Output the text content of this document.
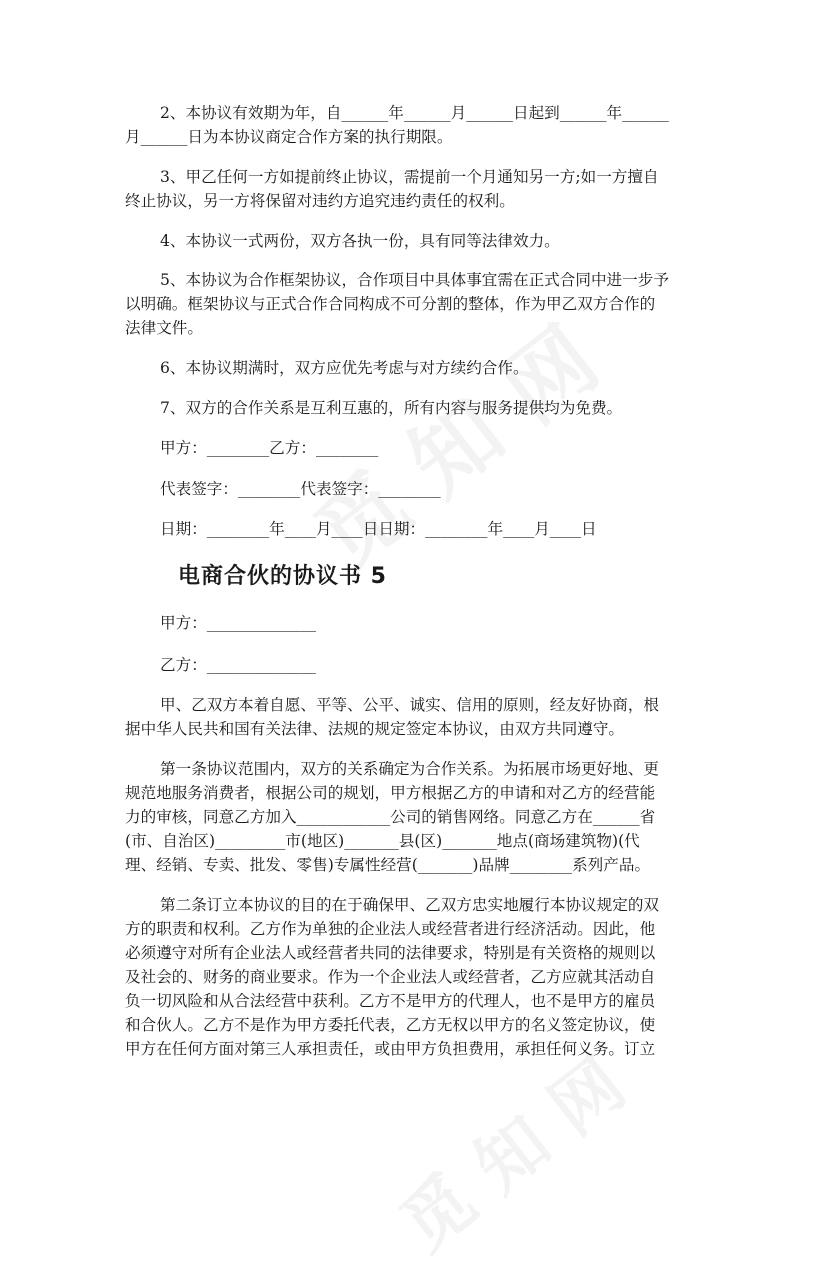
2、本协议有效期为年，自______年______月______日起到______年______
月______日为本协议商定合作方案的执行期限。
3、甲乙任何一方如提前终止协议，需提前一个月通知另一方;如一方擅自
终止协议，另一方将保留对违约方追究违约责任的权利。
4、本协议一式两份，双方各执一份，具有同等法律效力。
5、本协议为合作框架协议，合作项目中具体事宜需在正式合同中进一步予
以明确。框架协议与正式合作合同构成不可分割的整体，作为甲乙双方合作的
法律文件。
6、本协议期满时，双方应优先考虑与对方续约合作。
7、双方的合作关系是互利互惠的，所有内容与服务提供均为免费。
甲方：________乙方：________
代表签字：________代表签字：________
日期：________年____月____日日期：________年____月____日
电商合伙的协议书 5
甲方：______________
乙方：______________
甲、乙双方本着自愿、平等、公平、诚实、信用的原则，经友好协商，根
据中华人民共和国有关法律、法规的规定签定本协议，由双方共同遵守。
第一条协议范围内，双方的关系确定为合作关系。为拓展市场更好地、更
规范地服务消费者，根据公司的规划，甲方根据乙方的申请和对乙方的经营能
力的审核，同意乙方加入____________公司的销售网络。同意乙方在______省
(市、自治区)_________市(地区)_______县(区)_______地点(商场建筑物)(代
理、经销、专卖、批发、零售)专属性经营(_______)品牌________系列产品。
第二条订立本协议的目的在于确保甲、乙双方忠实地履行本协议规定的双
方的职责和权利。乙方作为单独的企业法人或经营者进行经济活动。因此，他
必须遵守对所有企业法人或经营者共同的法律要求，特别是有关资格的规则以
及社会的、财务的商业要求。作为一个企业法人或经营者，乙方应就其活动自
负一切风险和从合法经营中获利。乙方不是甲方的代理人，也不是甲方的雇员
和合伙人。乙方不是作为甲方委托代表，乙方无权以甲方的名义签定协议，使
甲方在任何方面对第三人承担责任，或由甲方负担费用，承担任何义务。订立
